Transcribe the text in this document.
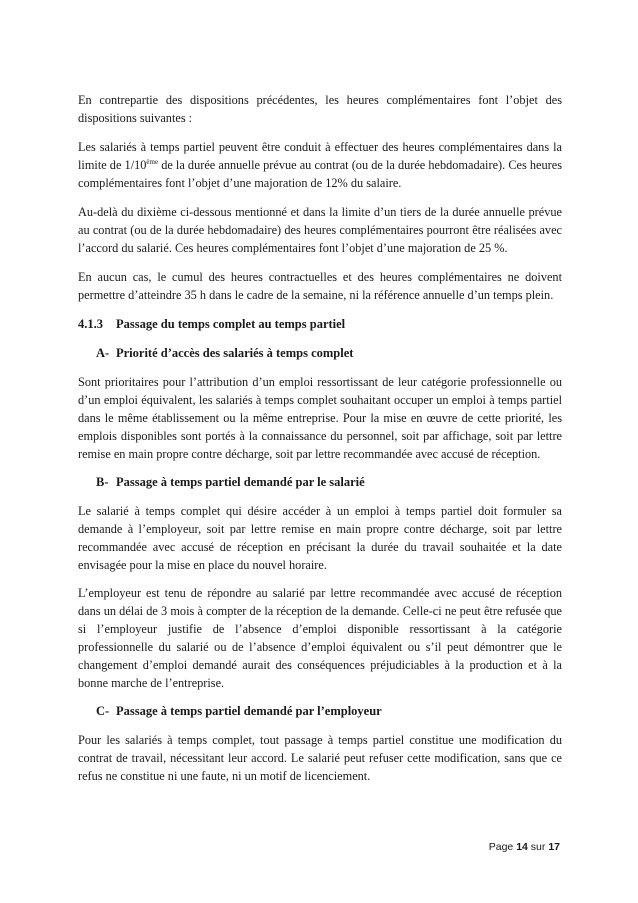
En contrepartie des dispositions précédentes, les heures complémentaires font l’objet des dispositions suivantes :

Les salariés à temps partiel peuvent être conduit à effectuer des heures complémentaires dans la limite de 1/10ème de la durée annuelle prévue au contrat (ou de la durée hebdomadaire). Ces heures complémentaires font l’objet d’une majoration de 12% du salaire.

Au-delà du dixième ci-dessous mentionné et dans la limite d’un tiers de la durée annuelle prévue au contrat (ou de la durée hebdomadaire) des heures complémentaires pourront être réalisées avec l’accord du salarié. Ces heures complémentaires font l’objet d’une majoration de 25 %.

En aucun cas, le cumul des heures contractuelles et des heures complémentaires ne doivent permettre d’atteindre 35 h dans le cadre de la semaine, ni la référence annuelle d’un temps plein.

4.1.3 Passage du temps complet au temps partiel
A- Priorité d’accès des salariés à temps complet

Sont prioritaires pour l’attribution d’un emploi ressortissant de leur catégorie professionnelle ou d’un emploi équivalent, les salariés à temps complet souhaitant occuper un emploi à temps partiel dans le même établissement ou la même entreprise. Pour la mise en œuvre de cette priorité, les emplois disponibles sont portés à la connaissance du personnel, soit par affichage, soit par lettre remise en main propre contre décharge, soit par lettre recommandée avec accusé de réception.

B- Passage à temps partiel demandé par le salarié

Le salarié à temps complet qui désire accéder à un emploi à temps partiel doit formuler sa demande à l’employeur, soit par lettre remise en main propre contre décharge, soit par lettre recommandée avec accusé de réception en précisant la durée du travail souhaitée et la date envisagée pour la mise en place du nouvel horaire.

L’employeur est tenu de répondre au salarié par lettre recommandée avec accusé de réception dans un délai de 3 mois à compter de la réception de la demande. Celle-ci ne peut être refusée que si l’employeur justifie de l’absence d’emploi disponible ressortissant à la catégorie professionnelle du salarié ou de l’absence d’emploi équivalent ou s’il peut démontrer que le changement d’emploi demandé aurait des conséquences préjudiciables à la production et à la bonne marche de l’entreprise.

C- Passage à temps partiel demandé par l’employeur

Pour les salariés à temps complet, tout passage à temps partiel constitue une modification du contrat de travail, nécessitant leur accord. Le salarié peut refuser cette modification, sans que ce refus ne constitue ni une faute, ni un motif de licenciement.

Page 14 sur 17
